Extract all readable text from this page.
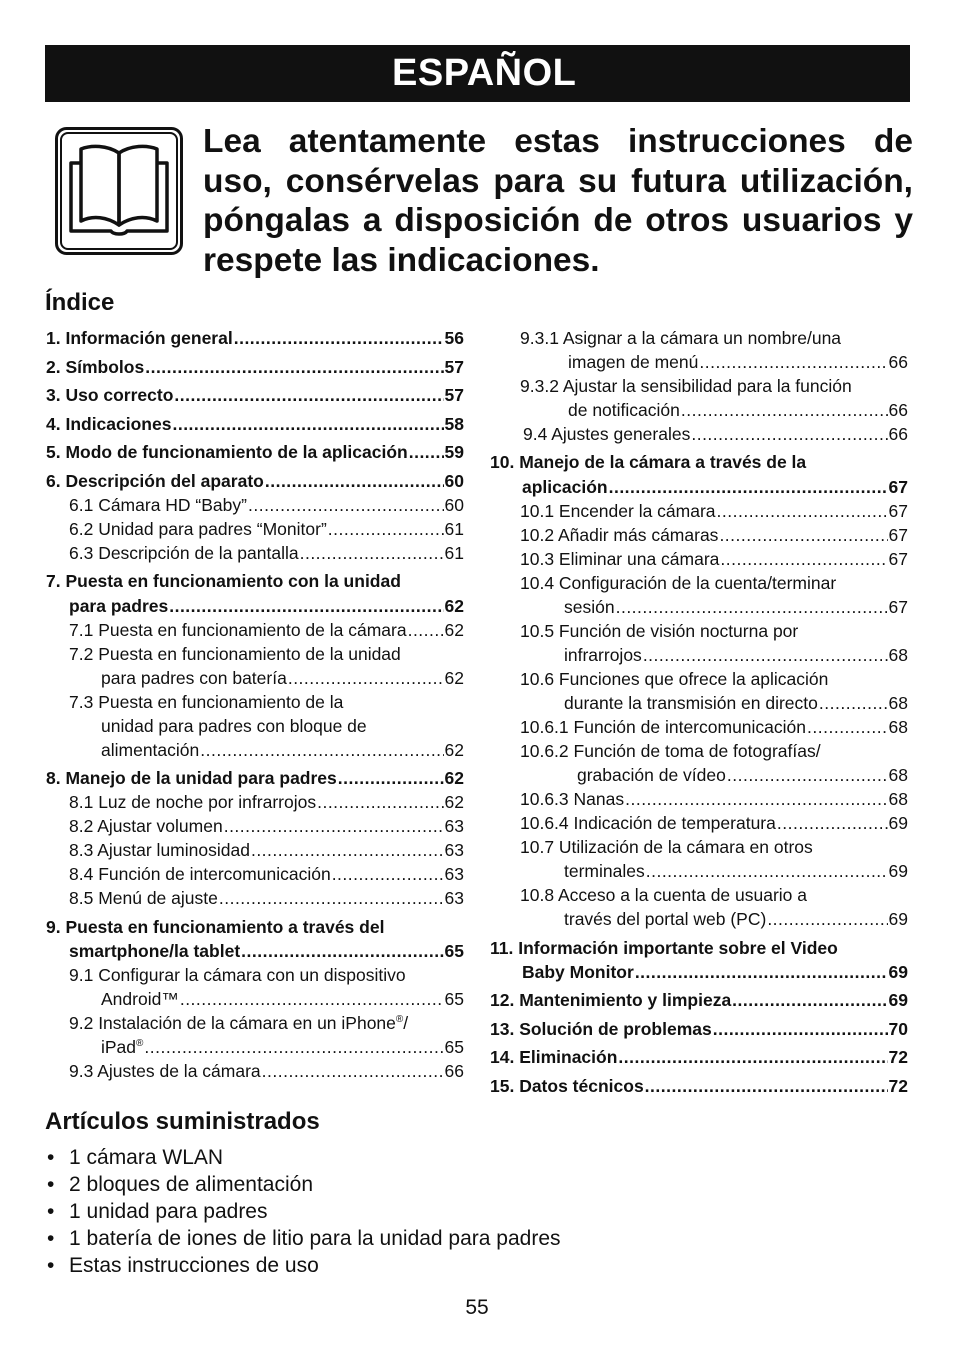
ESPAÑOL
Lea atentamente estas instrucciones de uso, consérvelas para su futura utilización, póngalas a disposición de otros usuarios y respete las indicaciones.
Índice
1. Información general .....	56
2. Símbolos .....	57
3. Uso correcto .....	57
4. Indicaciones .....	58
5. Modo de funcionamiento de la aplicación ..... 59
6. Descripción del aparato .....	60
6.1 Cámara HD “Baby” .....	60
6.2 Unidad para padres “Monitor” .....	61
6.3 Descripción de la pantalla .....	61
7. Puesta en funcionamiento con la unidad
para padres .....	62
7.1 Puesta en funcionamiento de la cámara ..... 62
7.2 Puesta en funcionamiento de la unidad
para padres con batería .....	62
7.3 Puesta en funcionamiento de la
unidad para padres con bloque de
alimentación .....	62
8. Manejo de la unidad para padres .....	62
8.1 Luz de noche por infrarrojos .....	62
8.2 Ajustar volumen .....	63
8.3 Ajustar luminosidad .....	63
8.4 Función de intercomunicación .....	63
8.5 Menú de ajuste .....	63
9. Puesta en funcionamiento a través del
smartphone/la tablet .....	65
9.1 Configurar la cámara con un dispositivo
Android™ .....	65
9.2 Instalación de la cámara en un iPhone®/
iPad® .....	65
9.3 Ajustes de la cámara .....	66
9.3.1 Asignar a la cámara un nombre/una
imagen de menú .....	66
9.3.2 Ajustar la sensibilidad para la función
de notificación .....	66
9.4 Ajustes generales .....	66
10. Manejo de la cámara a través de la
aplicación .....	67
10.1 Encender la cámara .....	67
10.2 Añadir más cámaras .....	67
10.3 Eliminar una cámara .....	67
10.4 Configuración de la cuenta/terminar
sesión .....	67
10.5 Función de visión nocturna por
infrarrojos .....	68
10.6 Funciones que ofrece la aplicación
durante la transmisión en directo .....	68
10.6.1 Función de intercomunicación .....	68
10.6.2 Función de toma de fotografías/
grabación de vídeo .....	68
10.6.3 Nanas .....	68
10.6.4 Indicación de temperatura .....	69
10.7 Utilización de la cámara en otros
terminales .....	69
10.8 Acceso a la cuenta de usuario a
través del portal web (PC) .....	69
11. Información importante sobre el Video
Baby Monitor .....	69
12. Mantenimiento y limpieza .....	69
13. Solución de problemas .....	70
14. Eliminación .....	72
15. Datos técnicos .....	72
Artículos suministrados
• 1 cámara WLAN
• 2 bloques de alimentación
• 1 unidad para padres
• 1 batería de iones de litio para la unidad para padres
• Estas instrucciones de uso
55
